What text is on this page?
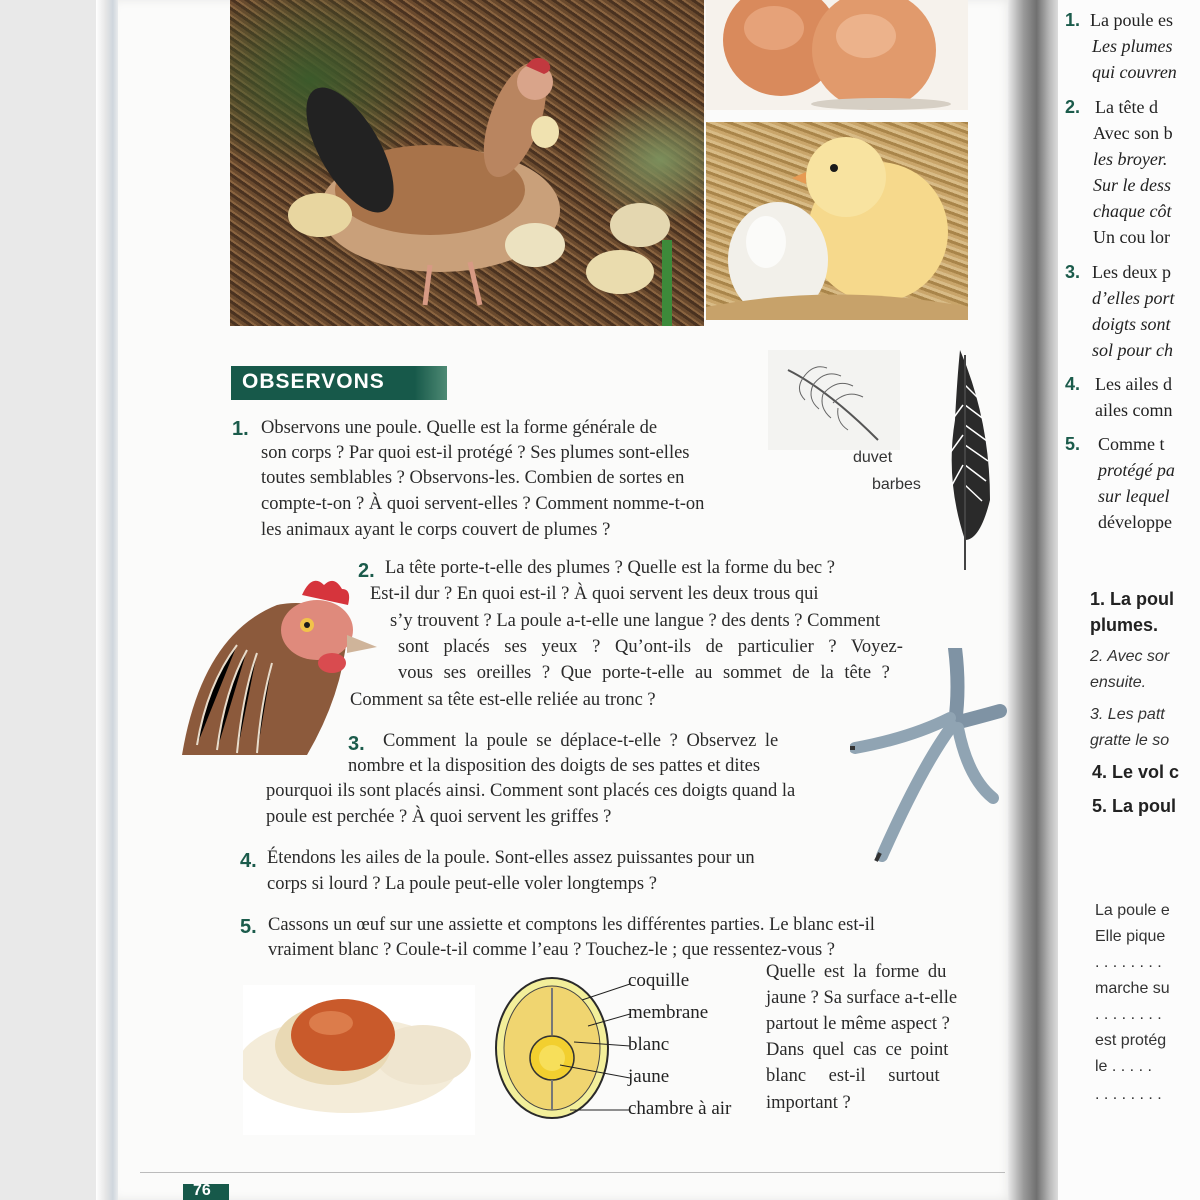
OBSERVONS
duvet
barbes
1. Observons une poule. Quelle est la forme générale de
son corps ? Par quoi est-il protégé ? Ses plumes sont-elles
toutes semblables ? Observons-les. Combien de sortes en
compte-t-on ? À quoi servent-elles ? Comment nomme-t-on
les animaux ayant le corps couvert de plumes ?
2. La tête porte-t-elle des plumes ? Quelle est la forme du bec ?
Est-il dur ? En quoi est-il ? À quoi servent les deux trous qui
s’y trouvent ? La poule a-t-elle une langue ? des dents ? Comment
sont placés ses yeux ? Qu’ont-ils de particulier ? Voyez-
vous ses oreilles ? Que porte-t-elle au sommet de la tête ?
Comment sa tête est-elle reliée au tronc ?
3. Comment la poule se déplace-t-elle ? Observez le
nombre et la disposition des doigts de ses pattes et dites
pourquoi ils sont placés ainsi. Comment sont placés ces doigts quand la
poule est perchée ? À quoi servent les griffes ?
4. Étendons les ailes de la poule. Sont-elles assez puissantes pour un
corps si lourd ? La poule peut-elle voler longtemps ?
5. Cassons un œuf sur une assiette et comptons les différentes parties. Le blanc est-il
vraiment blanc ? Coule-t-il comme l’eau ? Touchez-le ; que ressentez-vous ?
coquille
membrane
blanc
jaune
chambre à air
Quelle est la forme du
jaune ? Sa surface a-t-elle
partout le même aspect ?
Dans quel cas ce point
blanc est-il surtout
important ?
76
1. La poule es
Les plumes
qui couvren
2. La tête d
Avec son b
les broyer.
Sur le dess
chaque côt
Un cou lor
3. Les deux p
d’elles port
doigts sont
sol pour ch
4. Les ailes d
ailes comn
5. Comme t
protégé pa
sur lequel
développe
1. La poul
plumes.
2. Avec sor
ensuite.
3. Les patt
gratte le so
4. Le vol c
5. La poul
La poule e
Elle pique
. . . . . . . .
marche su
. . . . . . . .
est protég
le . . . . .
. . . . . . . .
